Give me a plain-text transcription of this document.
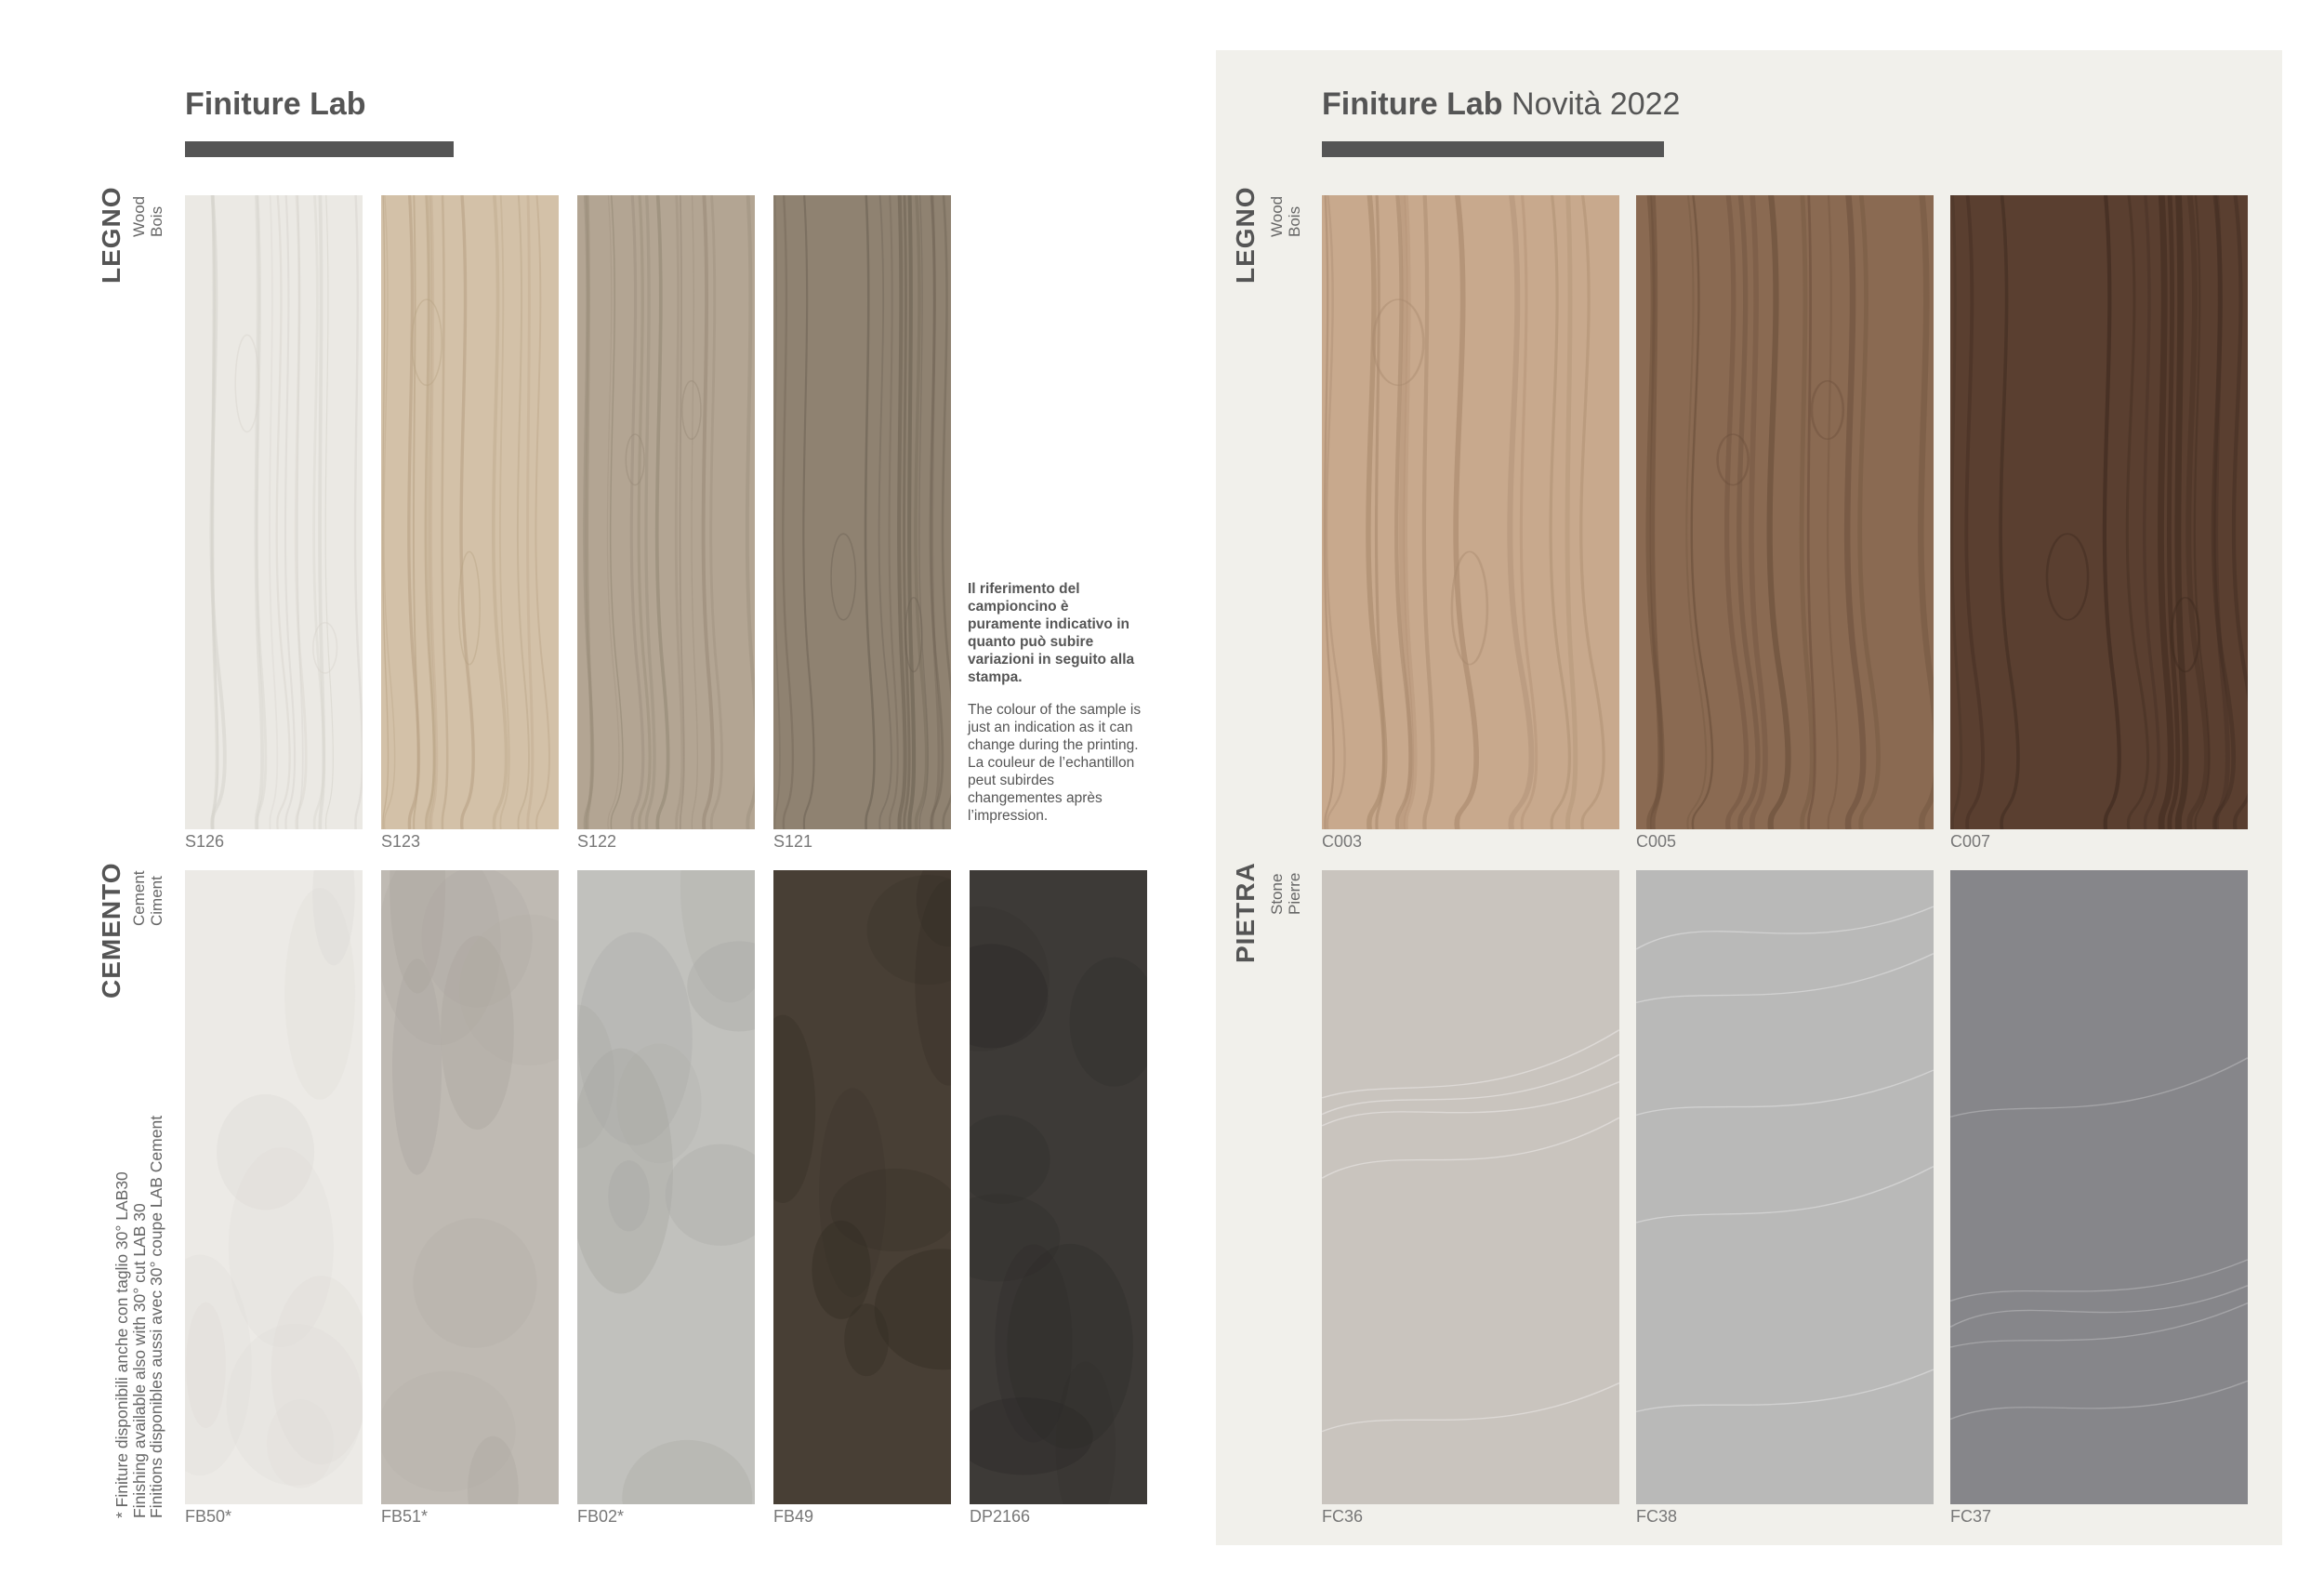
Finiture Lab
LEGNO Wood Bois
CEMENTO Cement Ciment
* Finiture disponibili anche con taglio 30° LAB30
Finishing available also with 30° cut LAB 30
Finitions disponibles aussi avec 30° coupe LAB Cement
S126	S123	S122	S121
FB50*	FB51*	FB02*	FB49	DP2166

Il riferimento del campioncino è puramente indicativo in quanto può subire variazioni in seguito alla stampa.

The colour of the sample is just an indication as it can change during the printing.

La couleur de l’echantillon peut subirdes changementes après l’impression.

Finiture Lab Novità 2022
LEGNO Wood Bois
PIETRA Stone Pierre
C003	C005	C007
FC36	FC38	FC37
